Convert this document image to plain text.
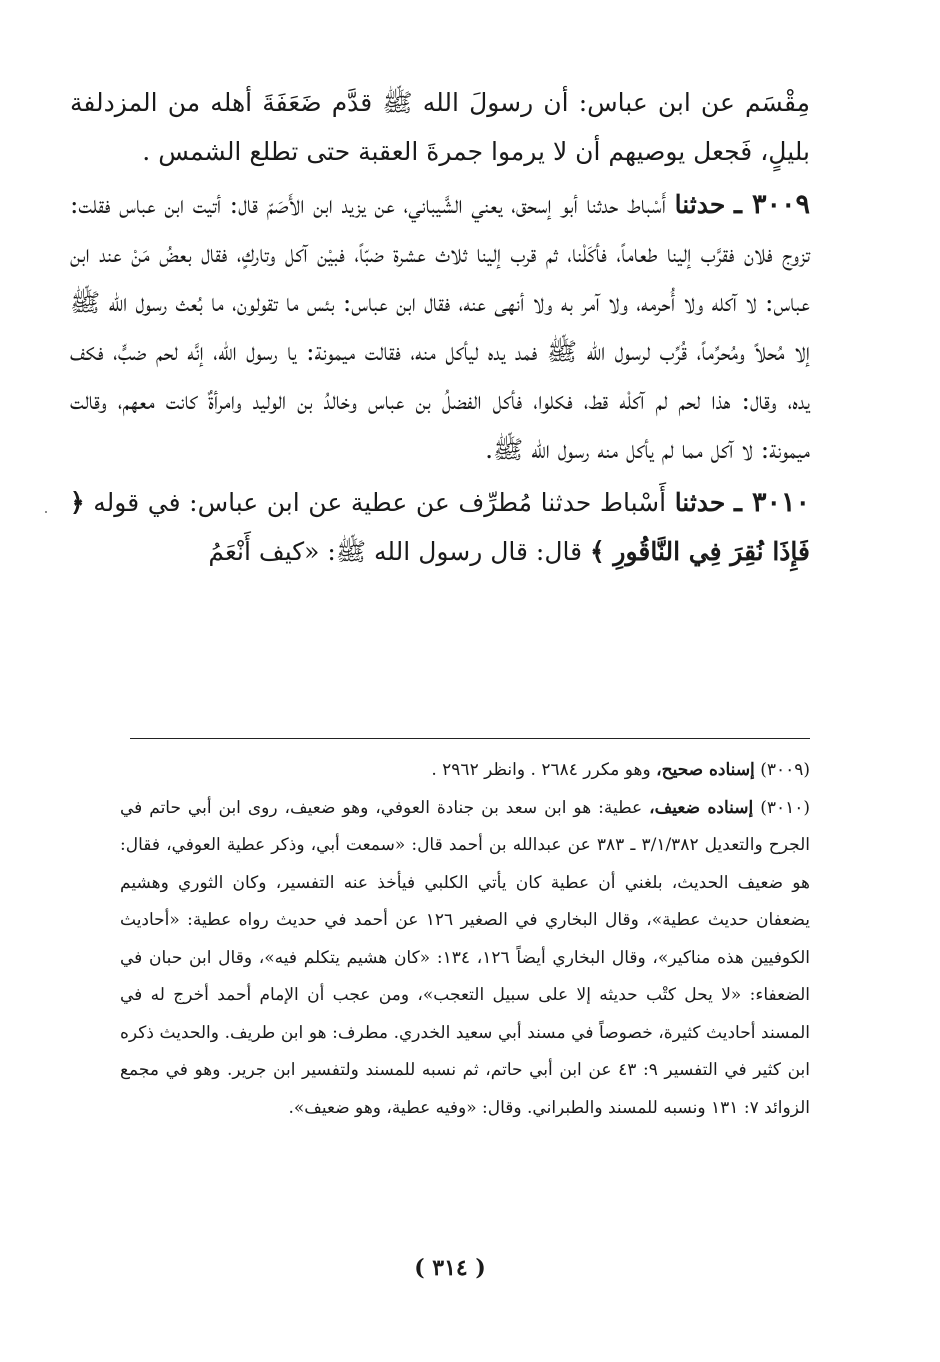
مِقْسَم عن ابن عباس: أن رسولَ الله ﷺ قدَّم ضَعَفَةَ أهله من المزدلفة بليلٍ، فَجعل يوصيهم أن لا يرموا جمرةَ العقبة حتى تطلع الشمس .

٣٠٠٩ ـ حدثنا أَسْباط حدثنا أبو إسحق، يعني الشَّيباني، عن يزيد ابن الأَصَمّ قال: أتيت ابن عباس فقلت: تزوج فلان فقرَّب إلينا طعاماً، فأكَلْنا، ثم قرب إلينا ثلاث عشرة ضبّاً، فبيْن آكل وتاركٍ، فقال بعضُ مَنْ عند ابن عباس: لا آكله ولا أُحرمه، ولا آمر به ولا أنهى عنه، فقال ابن عباس: بئس ما تقولون، ما بُعث رسول الله ﷺ إلا مُحلاً ومُحرِّماً، قُرِّب لرسول الله ﷺ فمد يده ليأكل منه، فقالت ميمونة: يا رسول الله، إنَّه لحم ضبٍّ، فكف يده، وقال: هذا لحم لم آكلْه قط، فكلوا، فأكل الفضلُ بن عباس وخالدُ بن الوليد وامرأةٌ كانت معهم، وقالت ميمونة: لا آكل مما لم يأكل منه رسول الله ﷺ.

٣٠١٠ ـ حدثنا أَسْباط حدثنا مُطرِّف عن عطية عن ابن عباس: في قوله ﴿ فَإِذَا نُقِرَ فِي النَّاقُورِ ﴾ قال: قال رسول الله ﷺ: «كيف أَنْعَمُ

(٣٠٠٩) إسناده صحيح، وهو مكرر ٢٦٨٤ . وانظر ٢٩٦٢ .

(٣٠١٠) إسناده ضعيف، عطية: هو ابن سعد بن جنادة العوفي، وهو ضعيف، روى ابن أبي حاتم في الجرح والتعديل ٣/١/٣٨٢ ـ ٣٨٣ عن عبدالله بن أحمد قال: «سمعت أبي، وذكر عطية العوفي، فقال: هو ضعيف الحديث، بلغني أن عطية كان يأتي الكلبي فيأخذ عنه التفسير، وكان الثوري وهشيم يضعفان حديث عطية»، وقال البخاري في الصغير ١٢٦ عن أحمد في حديث رواه عطية: «أحاديث الكوفيين هذه مناكير»، وقال البخاري أيضاً ١٢٦، ١٣٤: «كان هشيم يتكلم فيه»، وقال ابن حبان في الضعفاء: «لا يحل كتْب حديثه إلا على سبيل التعجب»، ومن عجب أن الإمام أحمد أخرج له في المسند أحاديث كثيرة، خصوصاً في مسند أبي سعيد الخدري. مطرف: هو ابن طريف. والحديث ذكره ابن كثير في التفسير ٩: ٤٣ عن ابن أبي حاتم، ثم نسبه للمسند ولتفسير ابن جرير. وهو في مجمع الزوائد ٧: ١٣١ ونسبه للمسند والطبراني. وقال: «وفيه عطية، وهو ضعيف».

( ٣١٤ )
